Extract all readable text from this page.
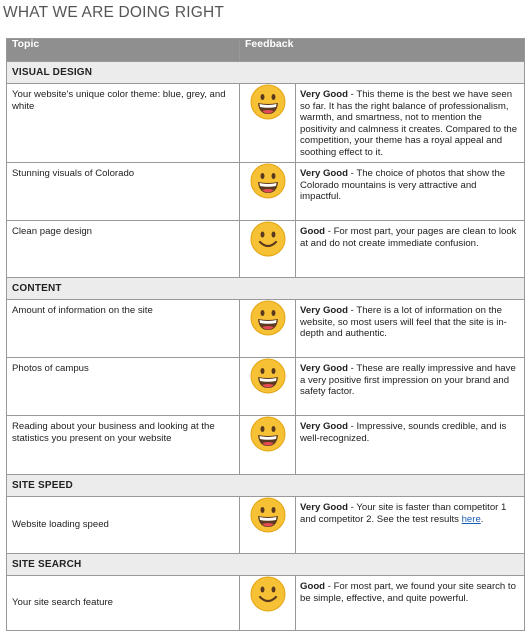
WHAT WE ARE DOING RIGHT
Topic	Feedback	
VISUAL DESIGN		
Your website's unique color theme: blue, grey, and white		Very Good - This theme is the best we have seen so far. It has the right balance of professionalism, warmth, and smartness, not to mention the positivity and calmness it creates. Compared to the competition, your theme has a royal appeal and soothing effect to it.
Stunning visuals of Colorado		Very Good - The choice of photos that show the Colorado mountains is very attractive and impactful.
Clean page design		Good - For most part, your pages are clean to look at and do not create immediate confusion.
CONTENT		
Amount of information on the site		Very Good - There is a lot of information on the website, so most users will feel that the site is in-depth and authentic.
Photos of campus		Very Good - These are really impressive and have a very positive first impression on your brand and safety factor.
Reading about your business and looking at the statistics you present on your website		Very Good - Impressive, sounds credible, and is well-recognized.
SITE SPEED		
Website loading speed		Very Good - Your site is faster than competitor 1 and competitor 2. See the test results here.
SITE SEARCH		
Your site search feature		Good - For most part, we found your site search to be simple, effective, and quite powerful.
